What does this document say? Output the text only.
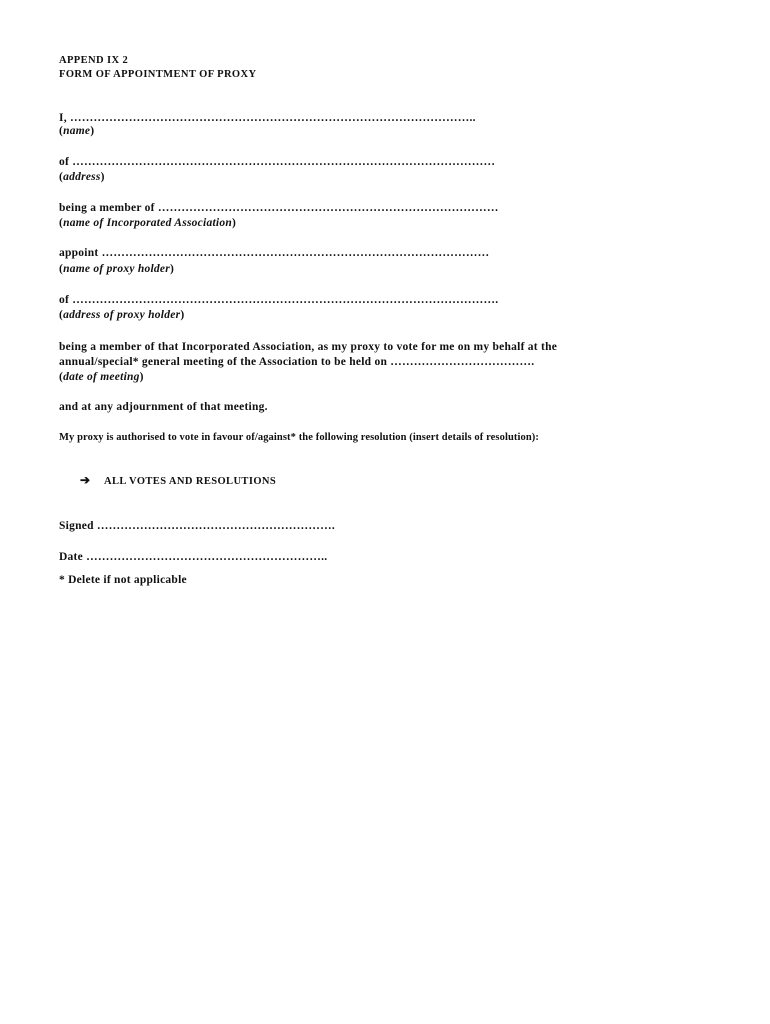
APPEND IX 2
FORM OF APPOINTMENT OF PROXY
I, …………………………………………………………………………………………..
(name)
of ………………………………………………………………………………………………
(address)
being a member of ……………………………………………………………………………
(name of Incorporated Association)
appoint ………………………………………………………………………………………
(name of proxy holder)
of ……………………………………………………………………………………………….
(address of proxy holder)
being a member of that Incorporated Association, as my proxy to vote for me on my behalf at the
annual/special* general meeting of the Association to be held on ……………………………….
(date of meeting)
and at any adjournment of that meeting.
My proxy is authorised to vote in favour of/against* the following resolution (insert details of resolution):
➔ ALL VOTES AND RESOLUTIONS
Signed …………………………………………………….
Date ……………………………………………………..
* Delete if not applicable
